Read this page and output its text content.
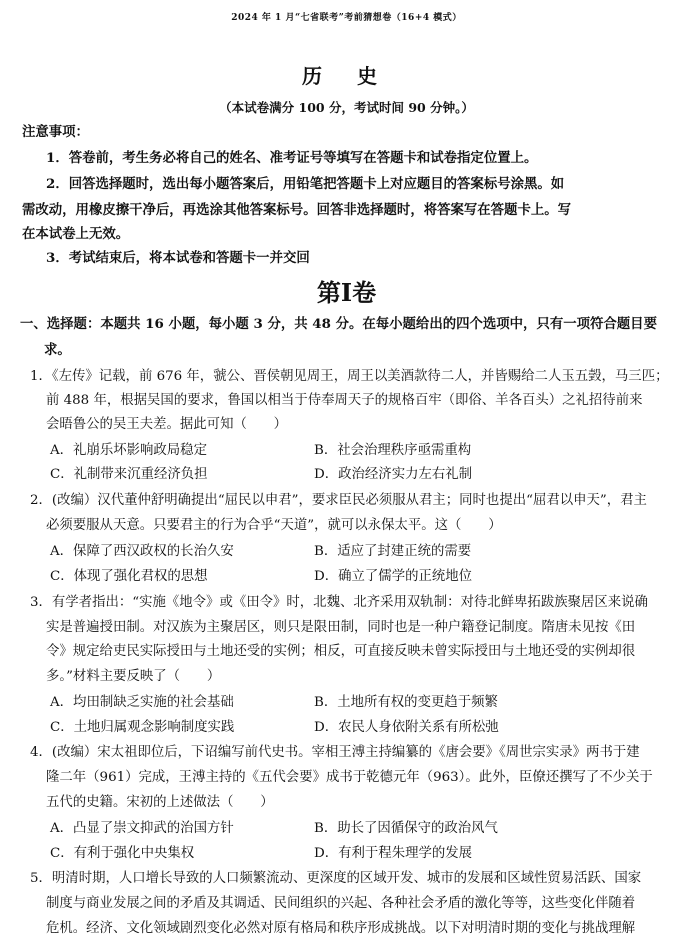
2024 年 1 月“七省联考”考前猜想卷（16+4 模式）
历 史
（本试卷满分 100 分，考试时间 90 分钟。）
注意事项：
1．答卷前，考生务必将自己的姓名、准考证号等填写在答题卡和试卷指定位置上。
2．回答选择题时，选出每小题答案后，用铅笔把答题卡上对应题目的答案标号涂黑。如
需改动，用橡皮擦干净后，再选涂其他答案标号。回答非选择题时，将答案写在答题卡上。写
在本试卷上无效。
3．考试结束后，将本试卷和答题卡一并交回
第Ⅰ卷
一、选择题：本题共 16 小题，每小题 3 分，共 48 分。在每小题给出的四个选项中，只有一项符合题目要
求。
1．《左传》记载，前 676 年，虢公、晋侯朝见周王，周王以美酒款待二人，并皆赐给二人玉五瑴，马三匹；
前 488 年，根据吴国的要求，鲁国以相当于侍奉周天子的规格百牢（即俗、羊各百头）之礼招待前来
会晤鲁公的吴王夫差。据此可知（　　）
A．礼崩乐坏影响政局稳定	B．社会治理秩序亟需重构
C．礼制带来沉重经济负担	D．政治经济实力左右礼制
2．(改编）汉代董仲舒明确提出“屈民以申君”，要求臣民必须服从君主；同时也提出“屈君以申天”，君主
必须要服从天意。只要君主的行为合乎“天道”，就可以永保太平。这（　　）
A．保障了西汉政权的长治久安	B．适应了封建正统的需要
C．体现了强化君权的思想	D．确立了儒学的正统地位
3．有学者指出：“实施《地令》或《田令》时，北魏、北齐采用双轨制：对待北鲜卑拓跋族聚居区来说确
实是普遍授田制。对汉族为主聚居区，则只是限田制，同时也是一种户籍登记制度。隋唐未见按《田
令》规定给吏民实际授田与土地还受的实例；相反，可直接反映未曾实际授田与土地还受的实例却很
多。”材料主要反映了（　　）
A．均田制缺乏实施的社会基础	B．土地所有权的变更趋于频繁
C．土地归属观念影响制度实践	D．农民人身依附关系有所松弛
4．(改编）宋太祖即位后，下诏编写前代史书。宰相王溥主持编纂的《唐会要》《周世宗实录》两书于建
隆二年（961）完成，王溥主持的《五代会要》成书于乾德元年（963）。此外，臣僚还撰写了不少关于
五代的史籍。宋初的上述做法（　　）
A．凸显了崇文抑武的治国方针	B．助长了因循保守的政治风气
C．有利于强化中央集权	D．有利于程朱理学的发展
5．明清时期，人口增长导致的人口频繁流动、更深度的区域开发、城市的发展和区域性贸易活跃、国家
制度与商业发展之间的矛盾及其调适、民间组织的兴起、各种社会矛盾的激化等等，这些变化伴随着
危机。经济、文化领域剧烈变化必然对原有格局和秩序形成挑战。以下对明清时期的变化与挑战理解
